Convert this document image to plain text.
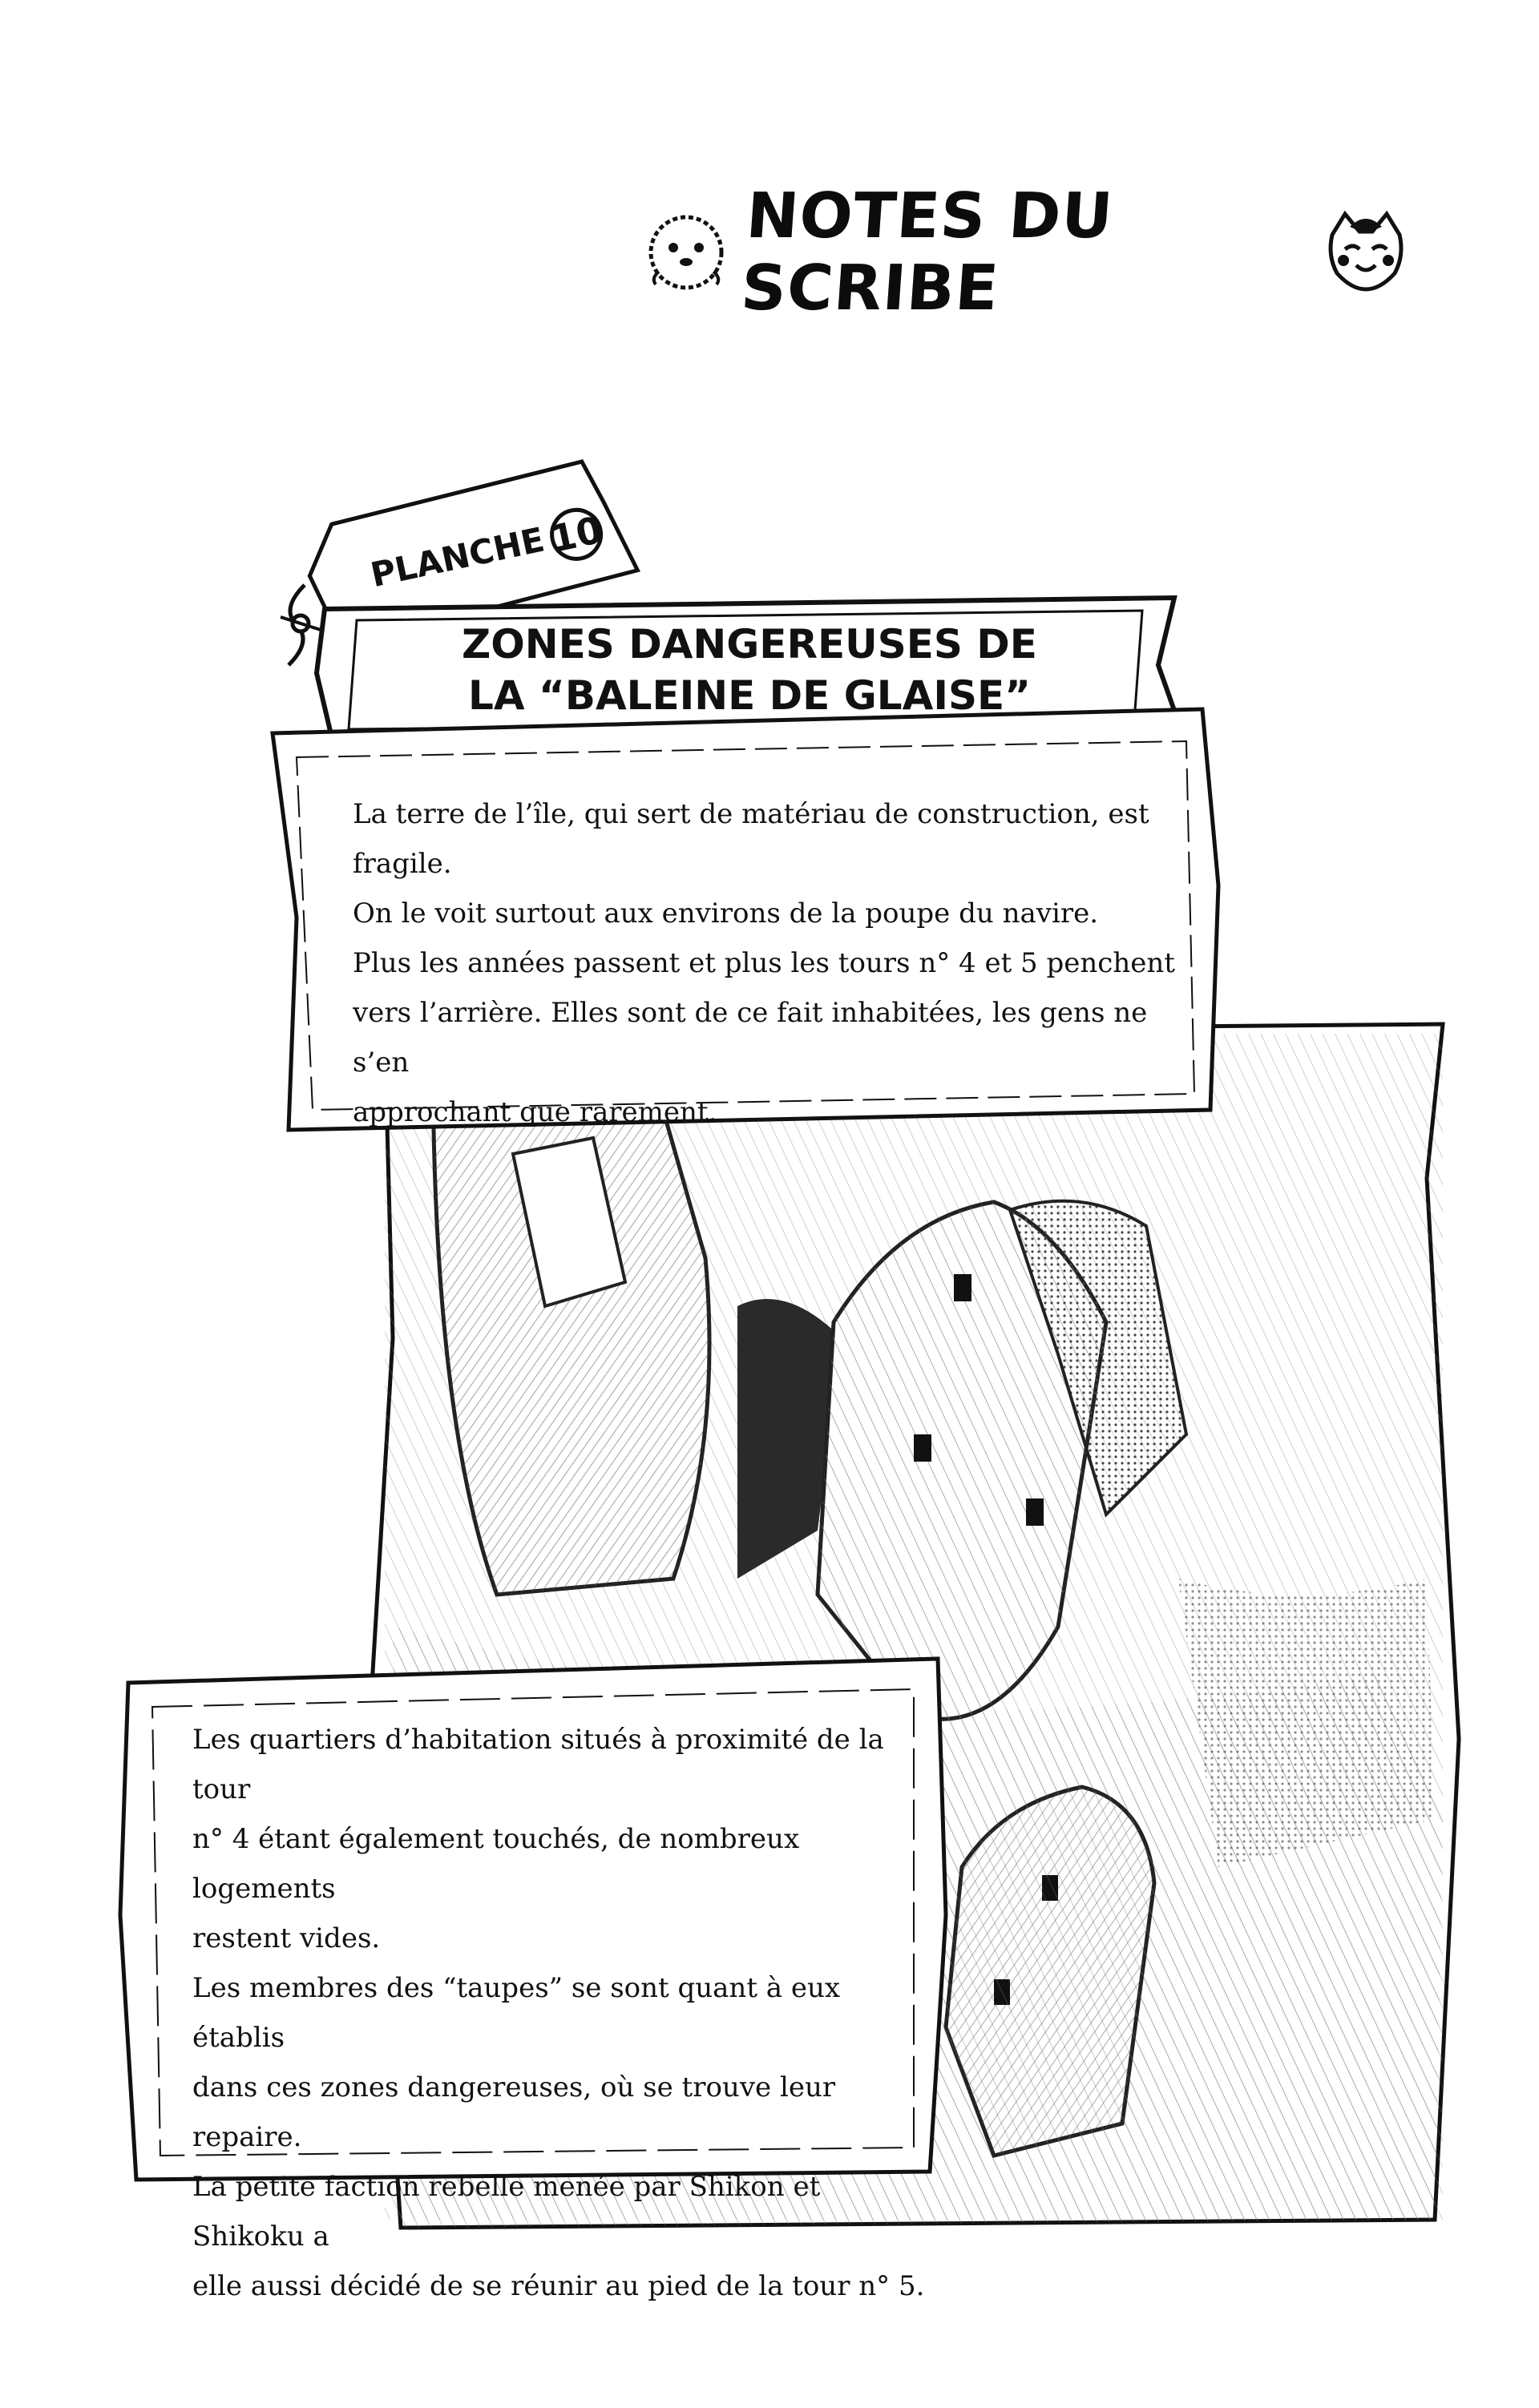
NOTES DU SCRIBE
PLANCHE10
ZONES DANGEREUSES DE
LA “BALEINE DE GLAISE”
La terre de l’île, qui sert de matériau de construction, est fragile.
On le voit surtout aux environs de la poupe du navire.
Plus les années passent et plus les tours n° 4 et 5 penchent
vers l’arrière. Elles sont de ce fait inhabitées, les gens ne s’en
approchant que rarement.
Les quartiers d’habitation situés à proximité de la tour
n° 4 étant également touchés, de nombreux logements
restent vides.
Les membres des “taupes” se sont quant à eux établis
dans ces zones dangereuses, où se trouve leur repaire.
La petite faction rebelle menée par Shikon et Shikoku a
elle aussi décidé de se réunir au pied de la tour n° 5.
